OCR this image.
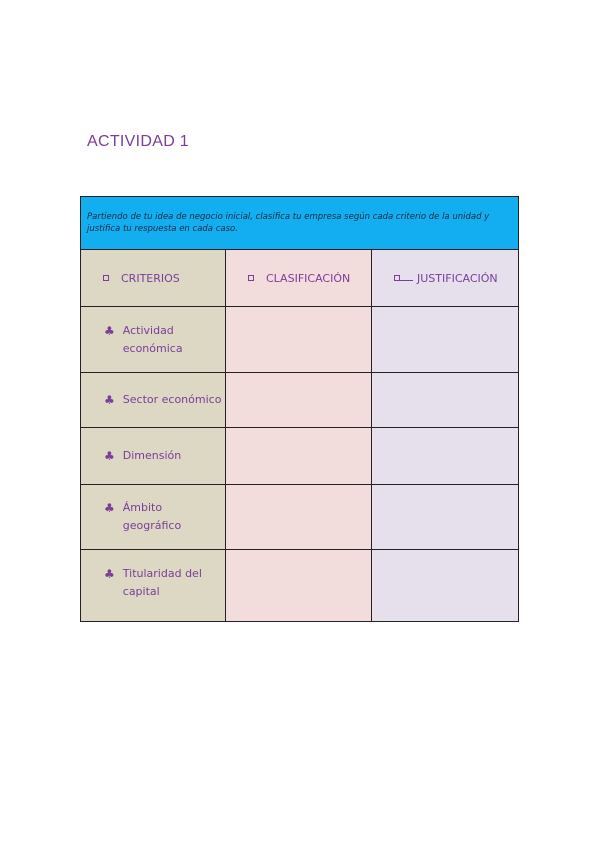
ACTIVIDAD 1
Partiendo de tu idea de negocio inicial, clasifica tu empresa según cada criterio de la unidad y justifica tu respuesta en cada caso.		

CRITERIOS	CLASIFICACIÓN	JUSTIFICACIÓN

♣ Actividad económica		

♣ Sector económico		

♣ Dimensión		

♣ Ámbito geográfico		

♣ Titularidad del capital		
